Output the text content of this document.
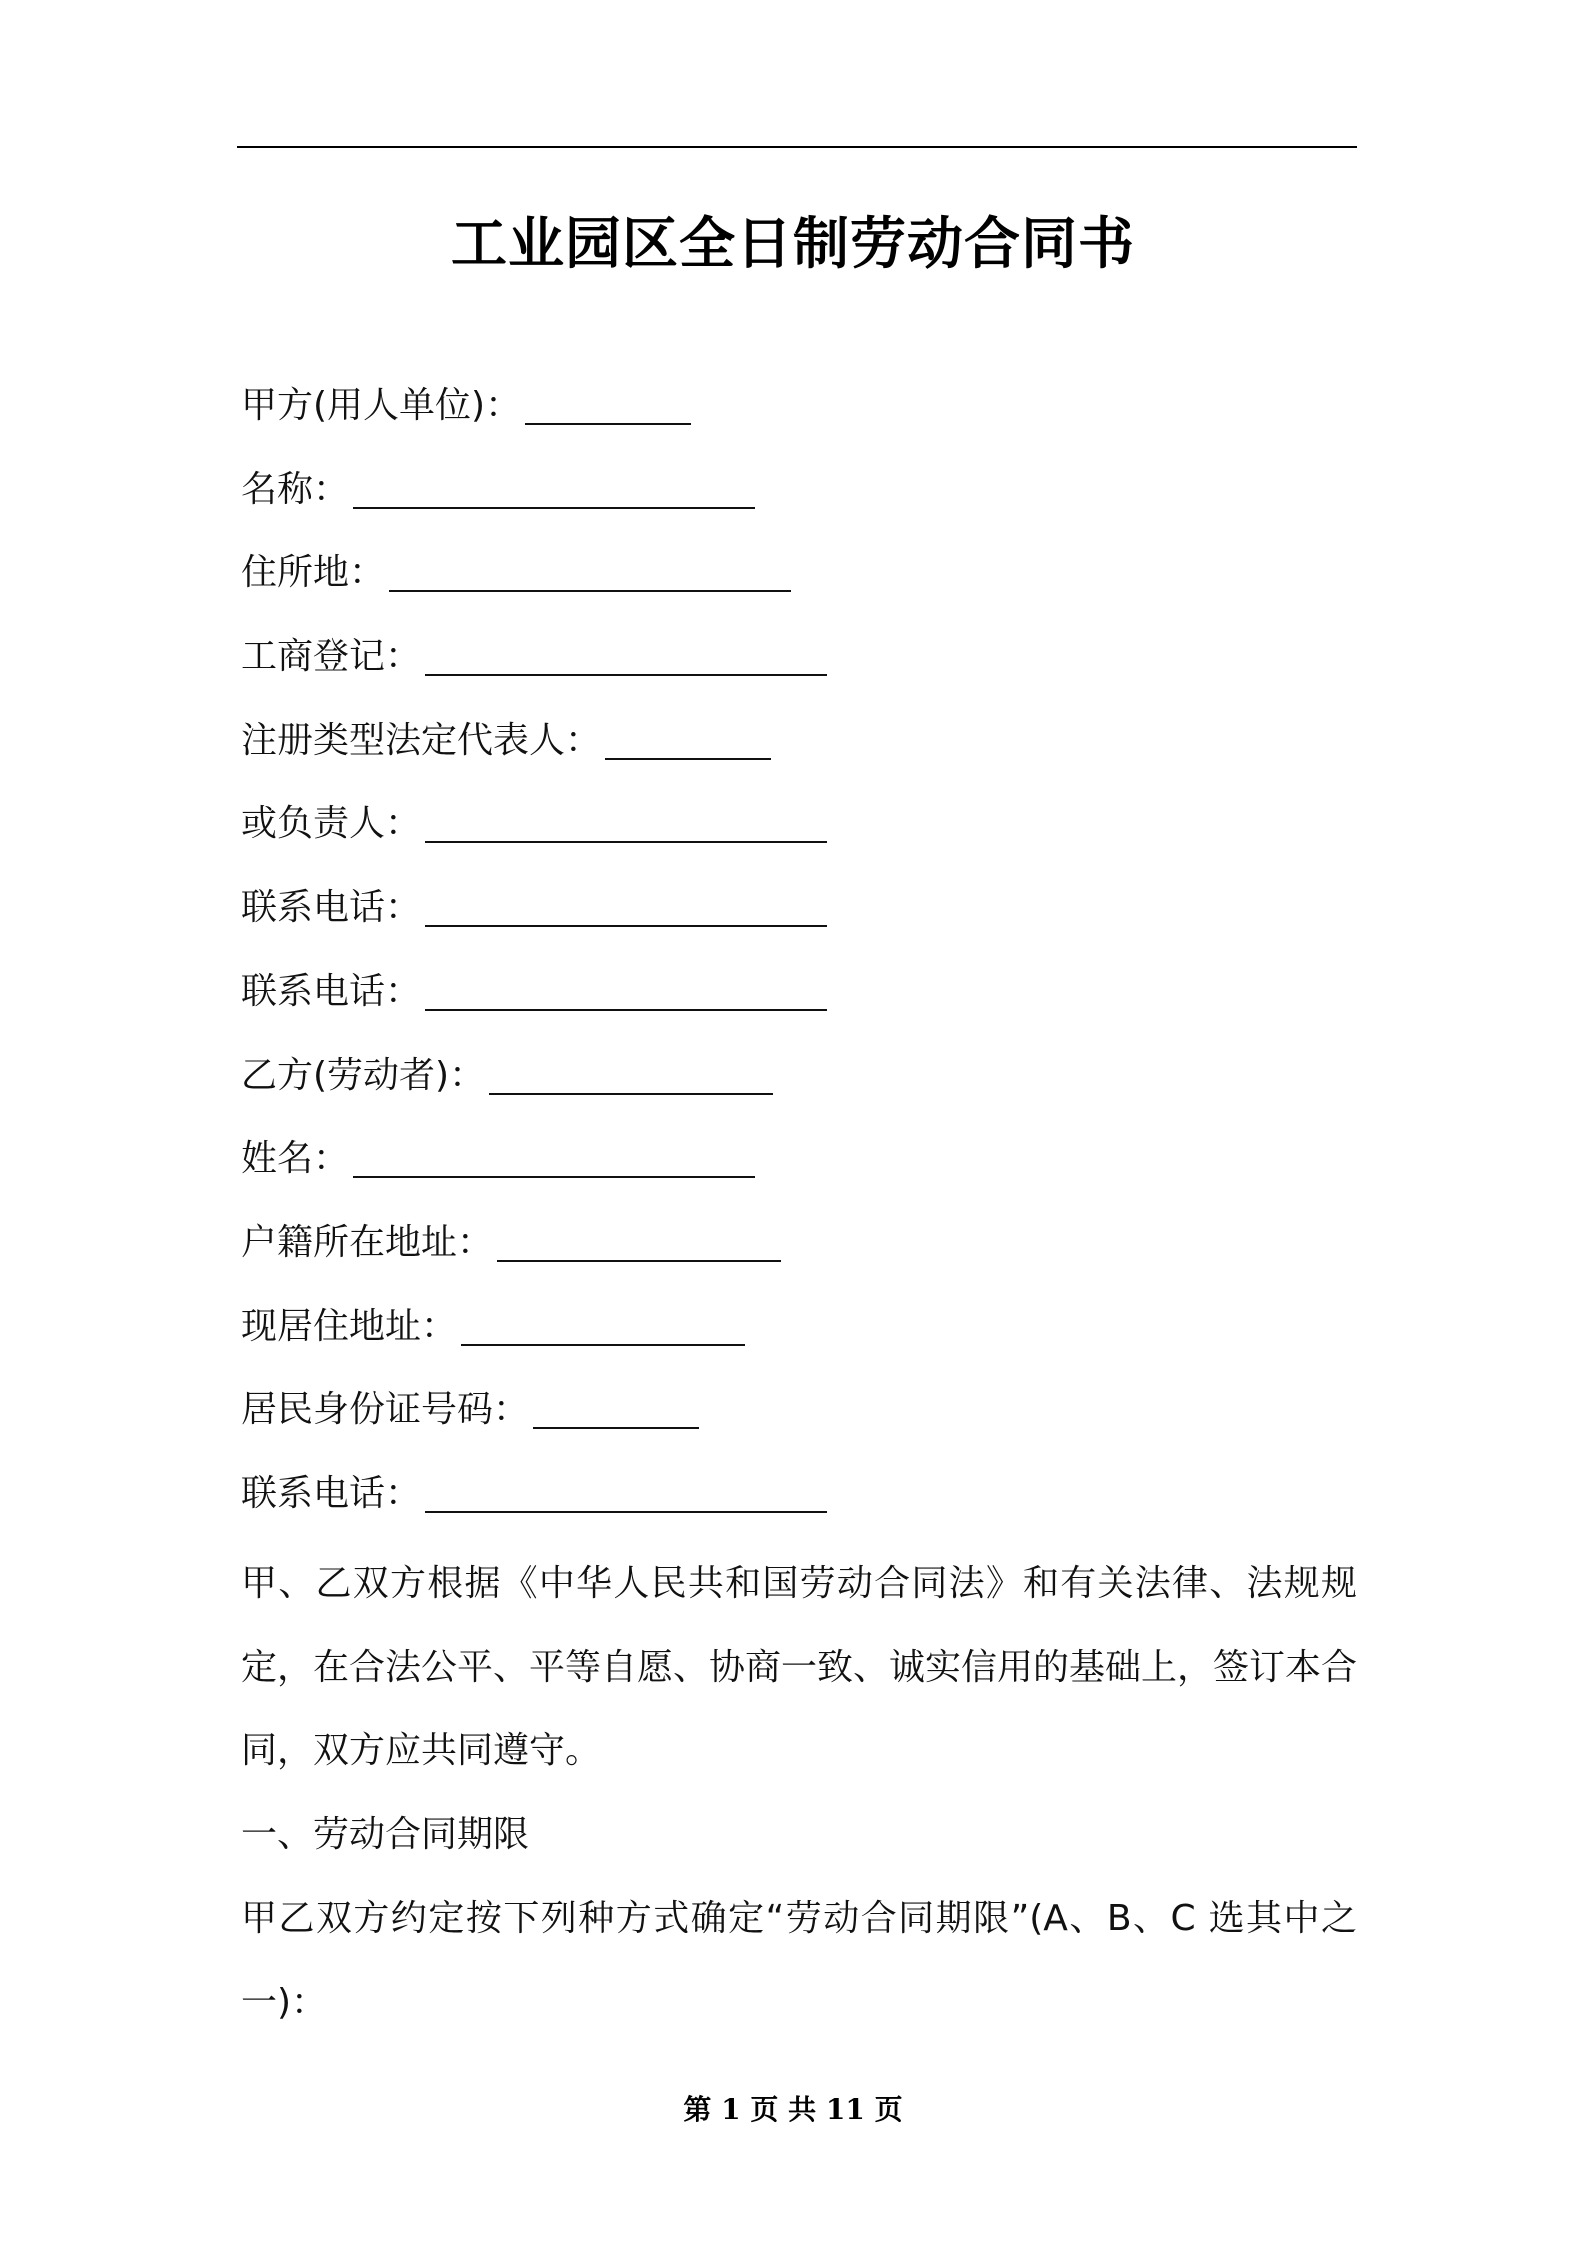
工业园区全日制劳动合同书
甲方(用人单位)：
名称：
住所地：
工商登记：
注册类型法定代表人：
或负责人：
联系电话：
联系电话：
乙方(劳动者)：
姓名：
户籍所在地址：
现居住地址：
居民身份证号码：
联系电话：

甲、乙双方根据《中华人民共和国劳动合同法》和有关法律、法规规定，在合法公平、平等自愿、协商一致、诚实信用的基础上，签订本合同，双方应共同遵守。

一、劳动合同期限

甲乙双方约定按下列种方式确定“劳动合同期限”(A、B、C 选其中之一)：

第 1 页 共 11 页
